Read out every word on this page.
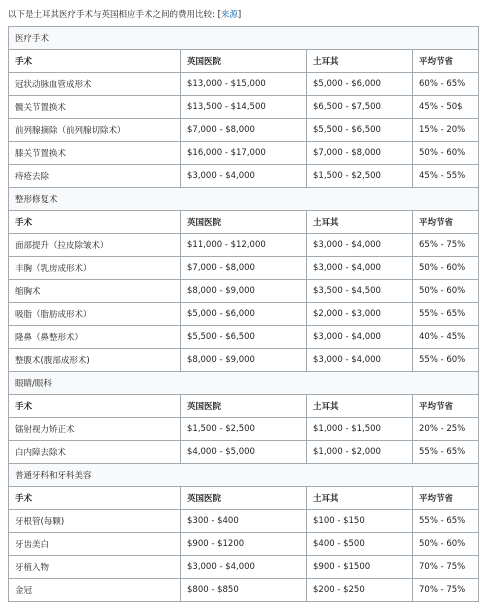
以下是土耳其医疗手术与英国相应手术之间的费用比较: [来源]
医疗手术			
手术	英国医院	土耳其	平均节省
冠状动脉血管成形术	$13,000 - $15,000	$5,000 - $6,000	60% - 65%
髋关节置换术	$13,500 - $14,500	$6,500 - $7,500	45% - 50$
前列腺摘除（前列腺切除术）	$7,000 - $8,000	$5,500 - $6,500	15% - 20%
膝关节置换术	$16,000 - $17,000	$7,000 - $8,000	50% - 60%
痔疮去除	$3,000 - $4,000	$1,500 - $2,500	45% - 55%
整形修复术			
手术	英国医院	土耳其	平均节省
面部提升（拉皮除皱术）	$11,000 - $12,000	$3,000 - $4,000	65% - 75%
丰胸（乳房成形术）	$7,000 - $8,000	$3,000 - $4,000	50% - 60%
缩胸术	$8,000 - $9,000	$3,500 - $4,500	50% - 60%
吸脂（脂肪成形术）	$5,000 - $6,000	$2,000 - $3,000	55% - 65%
隆鼻（鼻整形术）	$5,500 - $6,500	$3,000 - $4,000	40% - 45%
整腹术(腹部成形术)	$8,000 - $9,000	$3,000 - $4,000	55% - 60%
眼睛/眼科			
手术	英国医院	土耳其	平均节省
镭射视力矫正术	$1,500 - $2,500	$1,000 - $1,500	20% - 25%
白内障去除术	$4,000 - $5,000	$1,000 - $2,000	55% - 65%
普通牙科和牙科美容			
手术	英国医院	土耳其	平均节省
牙根管(每颗)	$300 - $400	$100 - $150	55% - 65%
牙齿美白	$900 - $1200	$400 - $500	50% - 60%
牙植入物	$3,000 - $4,000	$900 - $1500	70% - 75%
金冠	$800 - $850	$200 - $250	70% - 75%
